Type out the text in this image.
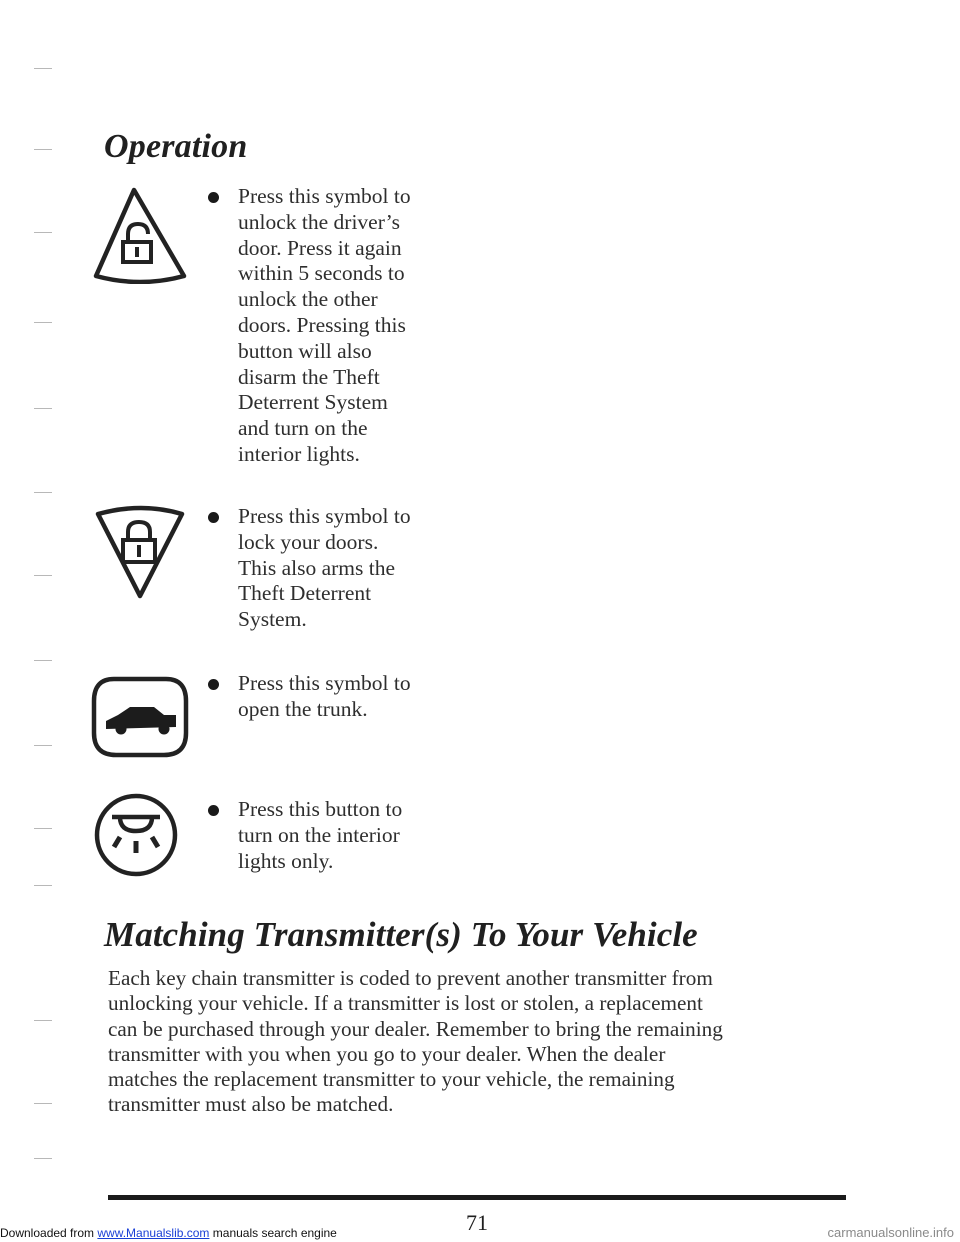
Operation
Press this symbol to
unlock the driver’s
door. Press it again
within 5 seconds to
unlock the other
doors. Pressing this
button will also
disarm the Theft
Deterrent System
and turn on the
interior lights.
Press this symbol to
lock your doors.
This also arms the
Theft Deterrent
System.
Press this symbol to
open the trunk.
Press this button to
turn on the interior
lights only.
Matching Transmitter(s) To Your Vehicle

Each key chain transmitter is coded to prevent another transmitter from
unlocking your vehicle. If a transmitter is lost or stolen, a replacement
can be purchased through your dealer. Remember to bring the remaining
transmitter with you when you go to your dealer. When the dealer
matches the replacement transmitter to your vehicle, the remaining
transmitter must also be matched.

Downloaded from www.Manualslib.com manuals search engine	71	carmanualsonline.info
